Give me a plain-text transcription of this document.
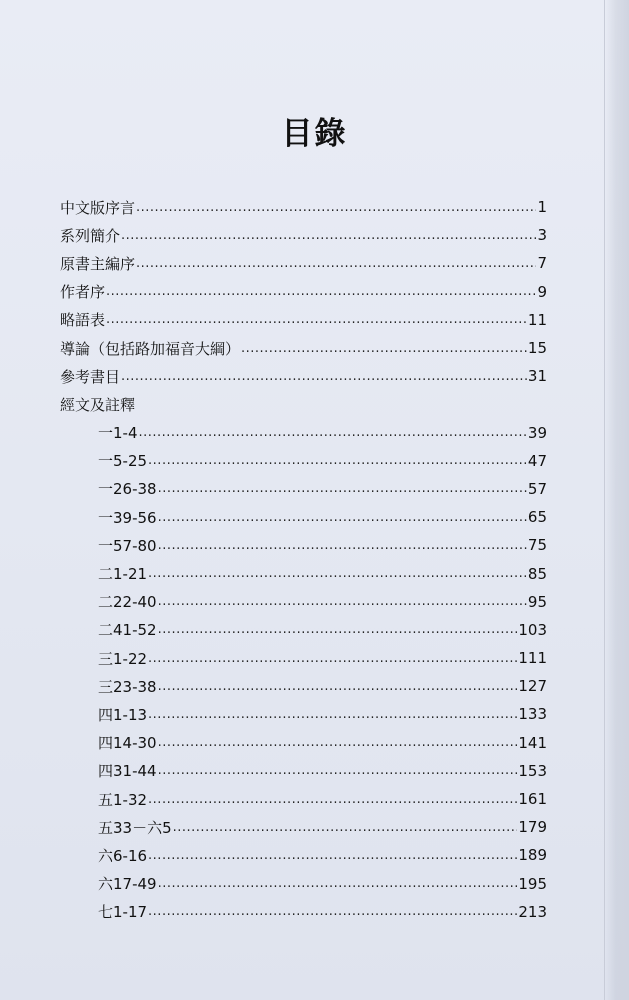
目錄
中文版序言 .....	1
系列簡介 .....	3
原書主編序 .....	7
作者序 .....	9
略語表 .....	11
導論（包括路加福音大綱） .....	15
參考書目 .....	31
經文及註釋
一1-4 .....	39
一5-25 .....	47
一26-38 .....	57
一39-56 .....	65
一57-80 .....	75
二1-21 .....	85
二22-40 .....	95
二41-52 .....	103
三1-22 .....	111
三23-38 .....	127
四1-13 .....	133
四14-30 .....	141
四31-44 .....	153
五1-32 .....	161
五33－六5 .....	179
六6-16 .....	189
六17-49 .....	195
七1-17 .....	213
